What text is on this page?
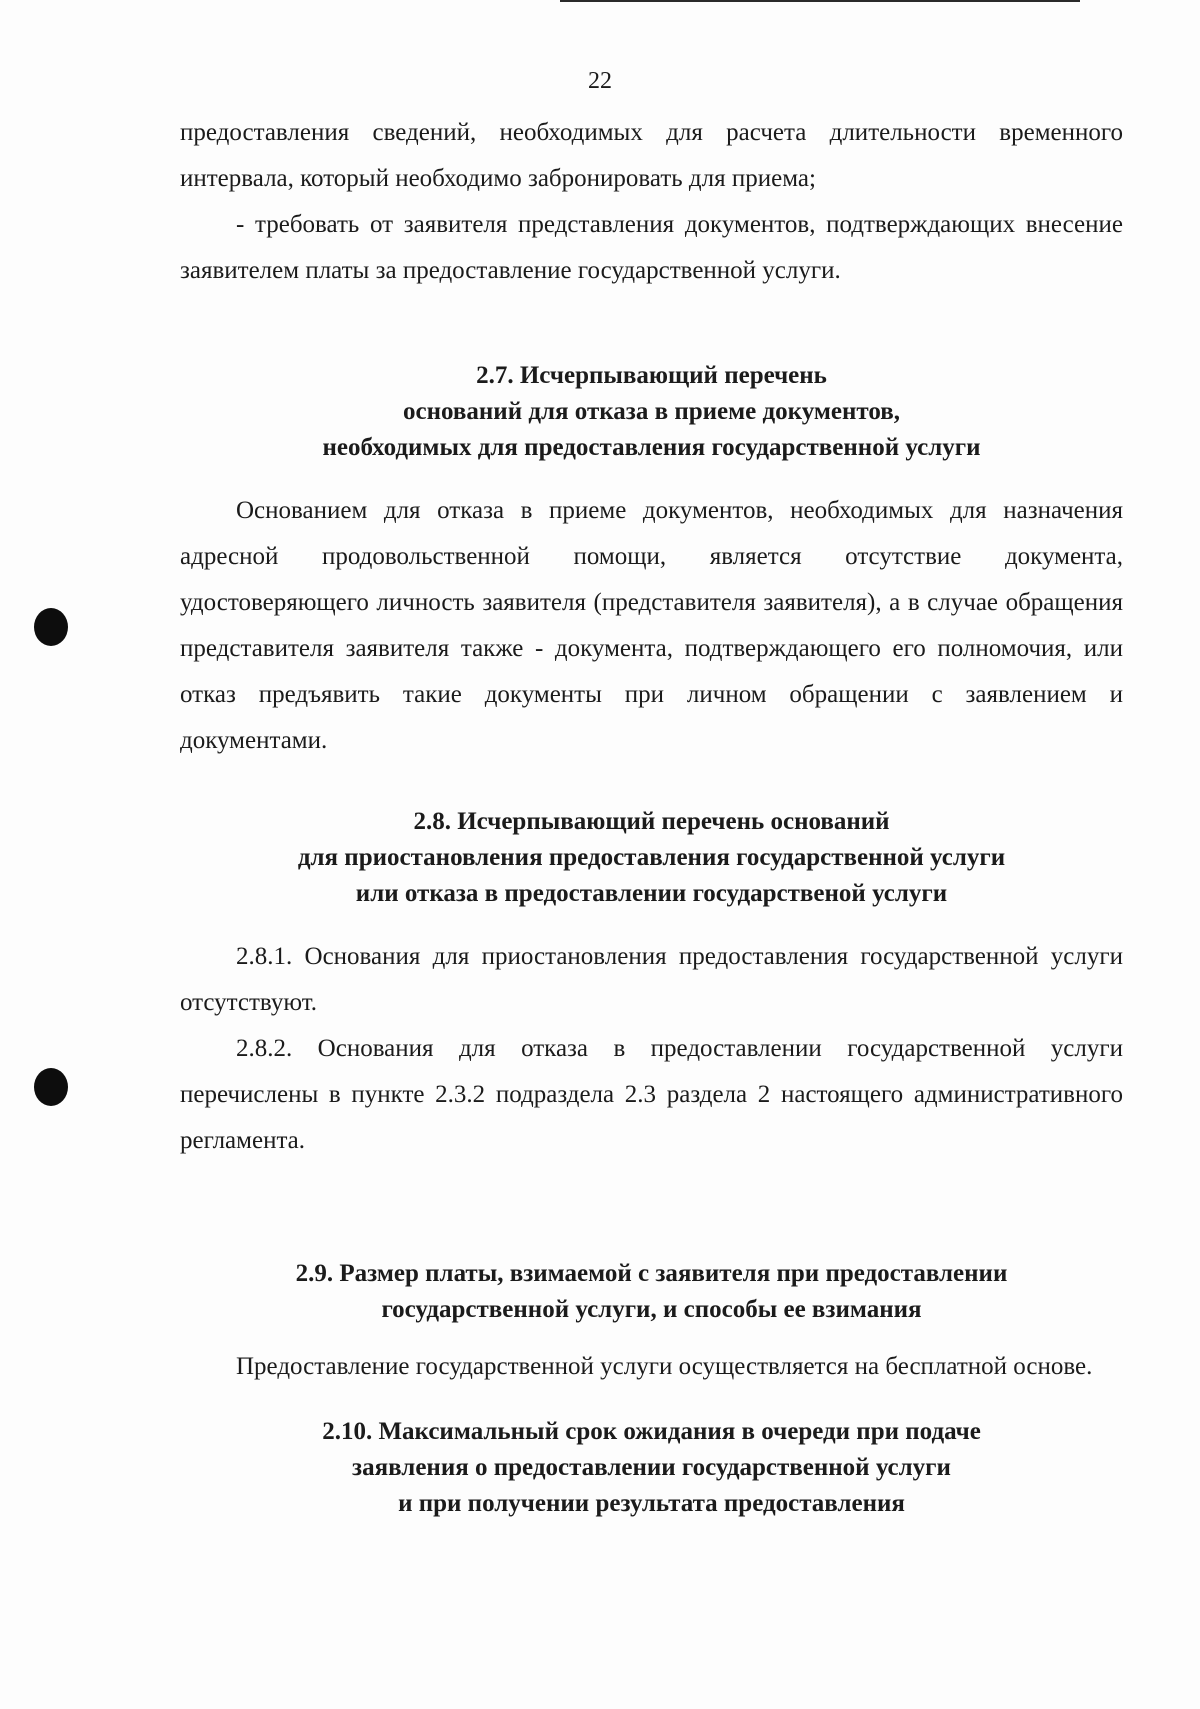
22

предоставления сведений, необходимых для расчета длительности временного интервала, который необходимо забронировать для приема;

- требовать от заявителя представления документов, подтверждающих внесение заявителем платы за предоставление государственной услуги.

2.7. Исчерпывающий перечень
оснований для отказа в приеме документов,
необходимых для предоставления государственной услуги

Основанием для отказа в приеме документов, необходимых для назначения адресной продовольственной помощи, является отсутствие документа, удостоверяющего личность заявителя (представителя заявителя), а в случае обращения представителя заявителя также - документа, подтверждающего его полномочия, или отказ предъявить такие документы при личном обращении с заявлением и документами.

2.8. Исчерпывающий перечень оснований
для приостановления предоставления государственной услуги
или отказа в предоставлении государственой услуги

2.8.1. Основания для приостановления предоставления государственной услуги отсутствуют.

2.8.2. Основания для отказа в предоставлении государственной услуги перечислены в пункте 2.3.2 подраздела 2.3 раздела 2 настоящего административного регламента.

2.9. Размер платы, взимаемой с заявителя при предоставлении
государственной услуги, и способы ее взимания

Предоставление государственной услуги осуществляется на бесплатной основе.

2.10. Максимальный срок ожидания в очереди при подаче
заявления о предоставлении государственной услуги
и при получении результата предоставления
